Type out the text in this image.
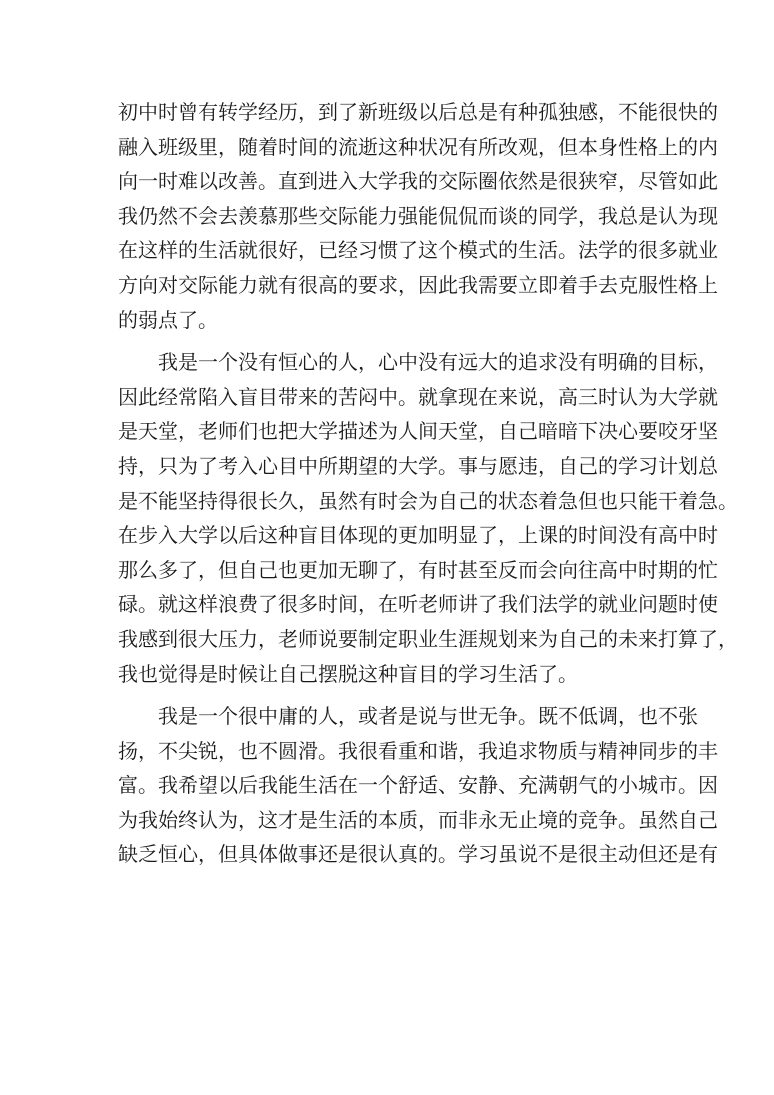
初中时曾有转学经历，到了新班级以后总是有种孤独感，不能很快的
融入班级里，随着时间的流逝这种状况有所改观，但本身性格上的内
向一时难以改善。直到进入大学我的交际圈依然是很狭窄，尽管如此
我仍然不会去羡慕那些交际能力强能侃侃而谈的同学，我总是认为现
在这样的生活就很好，已经习惯了这个模式的生活。法学的很多就业
方向对交际能力就有很高的要求，因此我需要立即着手去克服性格上
的弱点了。
我是一个没有恒心的人，心中没有远大的追求没有明确的目标，
因此经常陷入盲目带来的苦闷中。就拿现在来说，高三时认为大学就
是天堂，老师们也把大学描述为人间天堂，自己暗暗下决心要咬牙坚
持，只为了考入心目中所期望的大学。事与愿违，自己的学习计划总
是不能坚持得很长久，虽然有时会为自己的状态着急但也只能干着急。
在步入大学以后这种盲目体现的更加明显了，上课的时间没有高中时
那么多了，但自己也更加无聊了，有时甚至反而会向往高中时期的忙
碌。就这样浪费了很多时间，在听老师讲了我们法学的就业问题时使
我感到很大压力，老师说要制定职业生涯规划来为自己的未来打算了，
我也觉得是时候让自己摆脱这种盲目的学习生活了。
我是一个很中庸的人，或者是说与世无争。既不低调，也不张
扬，不尖锐，也不圆滑。我很看重和谐，我追求物质与精神同步的丰
富。我希望以后我能生活在一个舒适、安静、充满朝气的小城市。因
为我始终认为，这才是生活的本质，而非永无止境的竞争。虽然自己
缺乏恒心，但具体做事还是很认真的。学习虽说不是很主动但还是有
